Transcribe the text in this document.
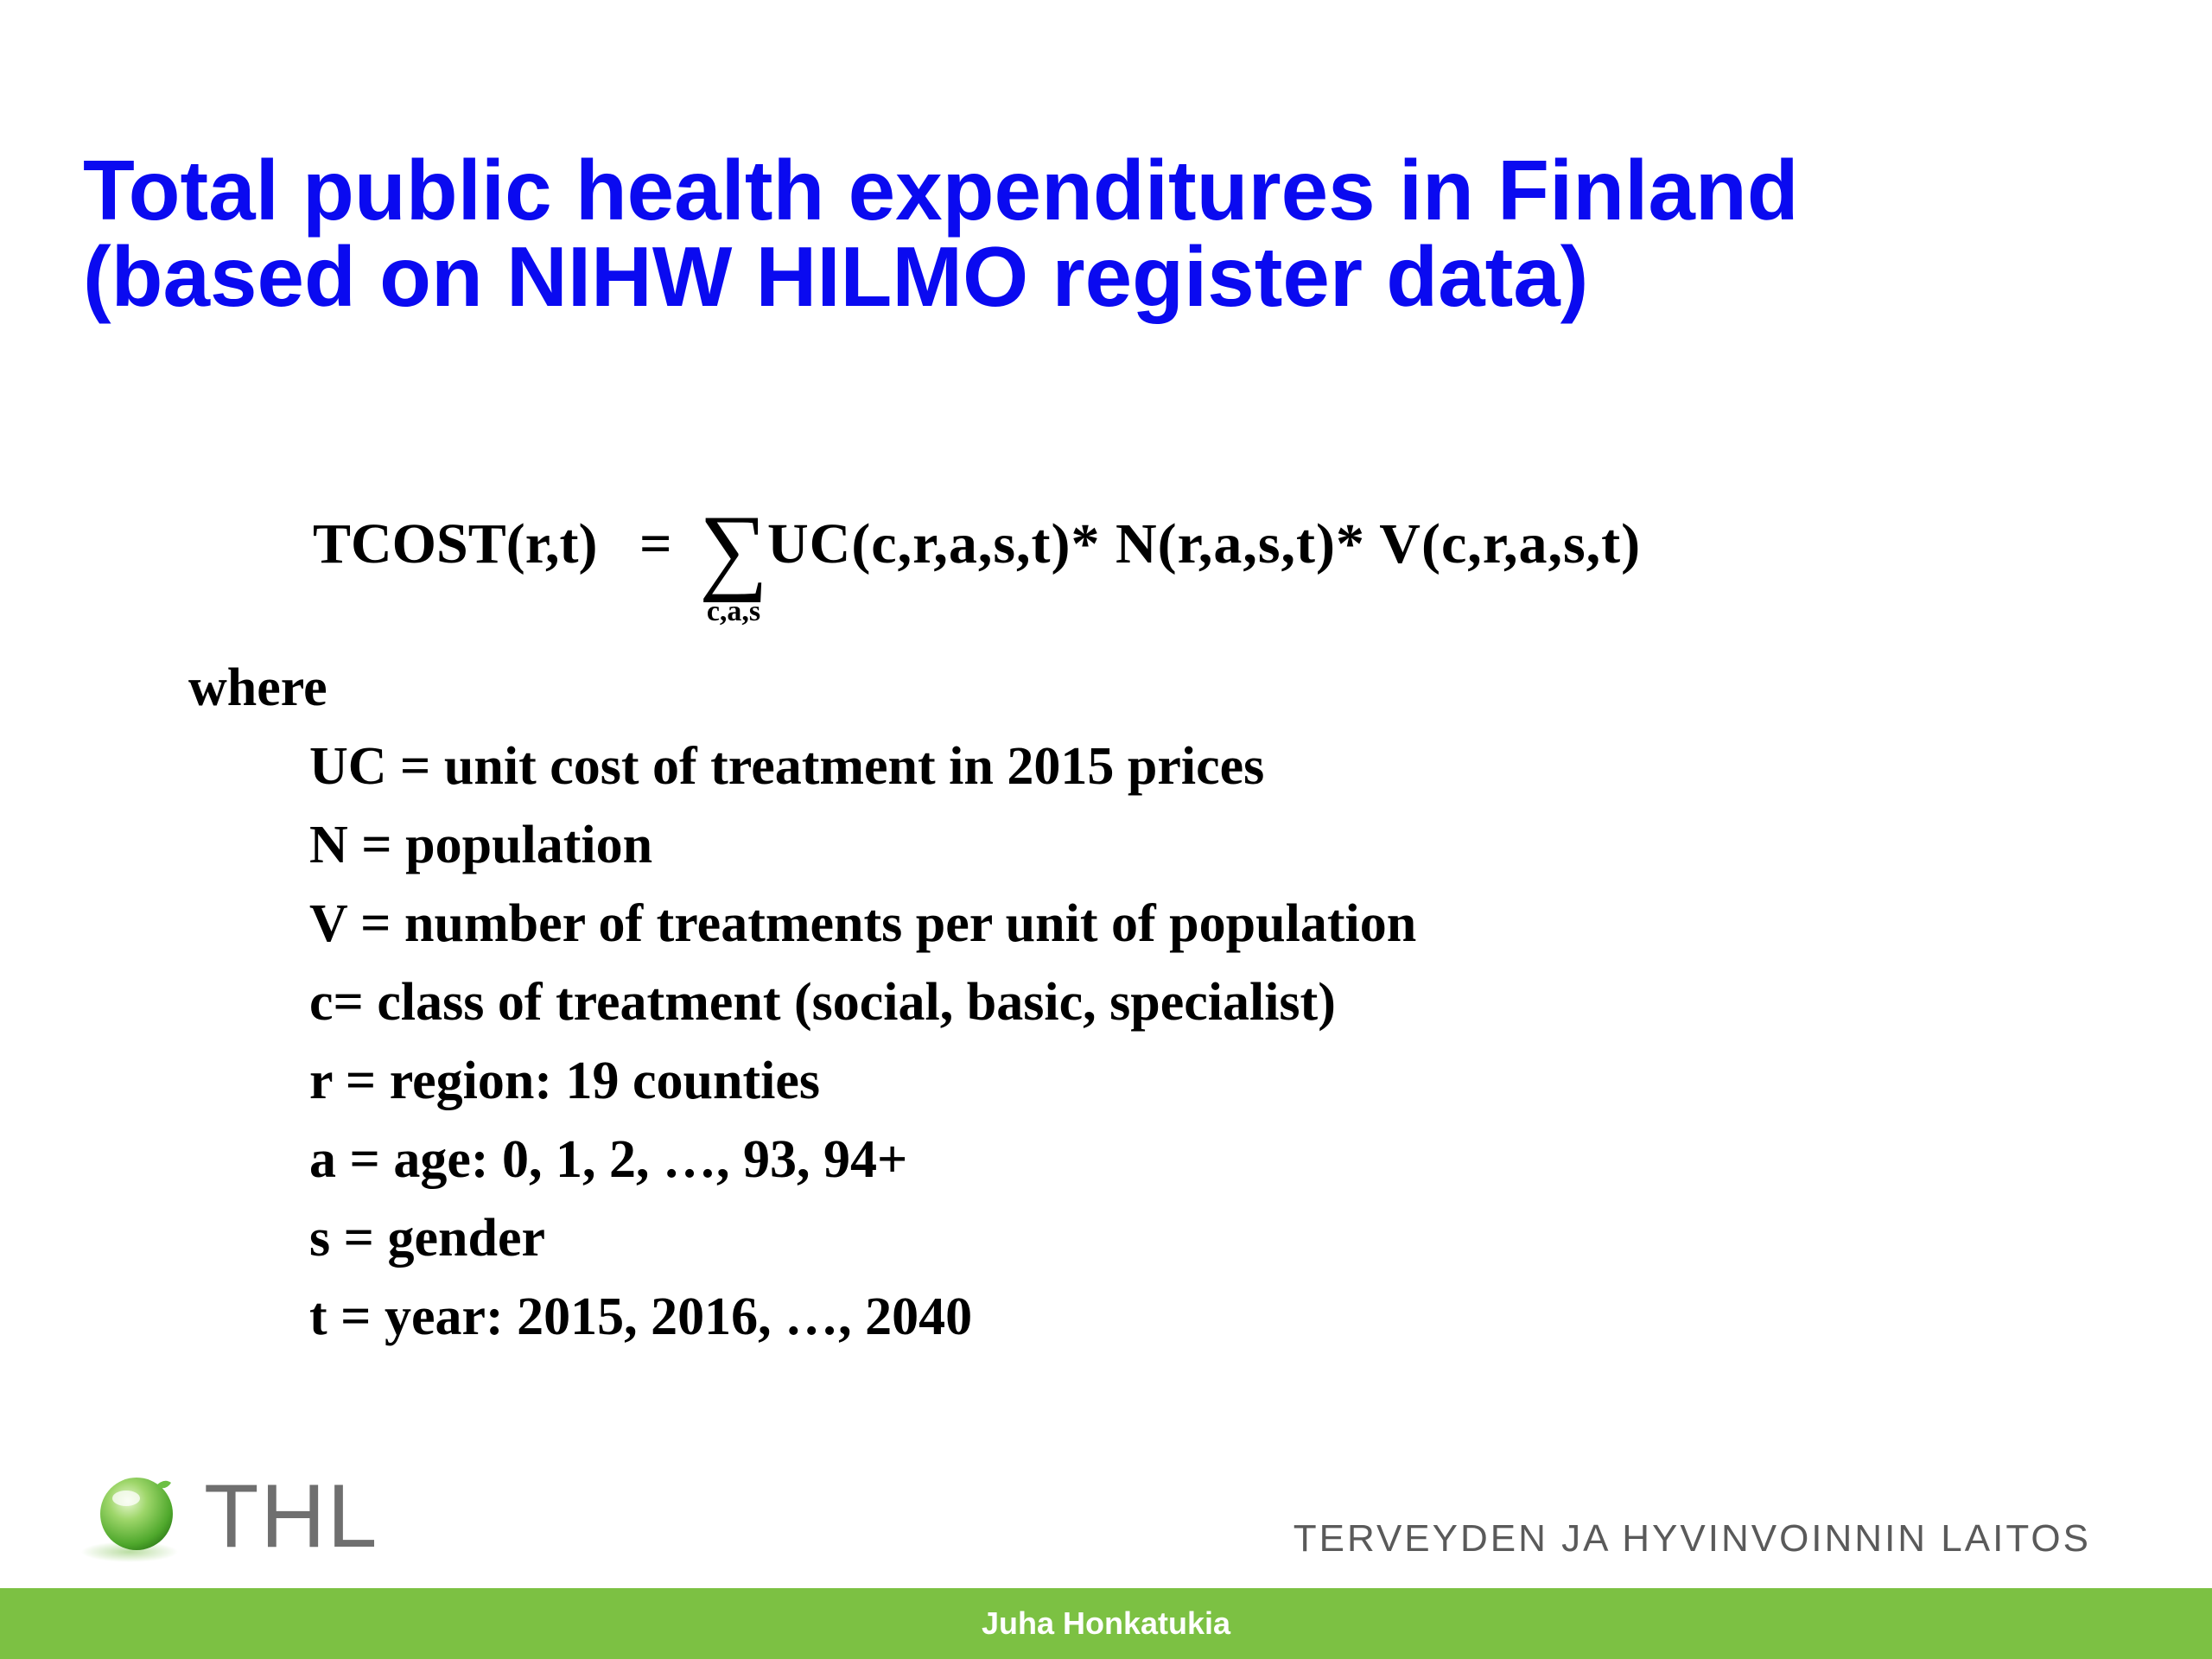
Total public health expenditures in Finland
(based on NIHW HILMO register data)
TCOST(r,t) = ∑
c,a,s
UC(c,r,a,s,t)* N(r,a,s,t)* V(c,r,a,s,t)
where
UC = unit cost of treatment in 2015 prices
N = population
V = number of treatments per unit of population
c= class of treatment (social, basic, specialist)
r = region: 19 counties
a = age: 0, 1, 2, …, 93, 94+
s = gender
t = year: 2015, 2016, …, 2040
THL	TERVEYDEN JA HYVINVOINNIN LAITOS
Juha Honkatukia
